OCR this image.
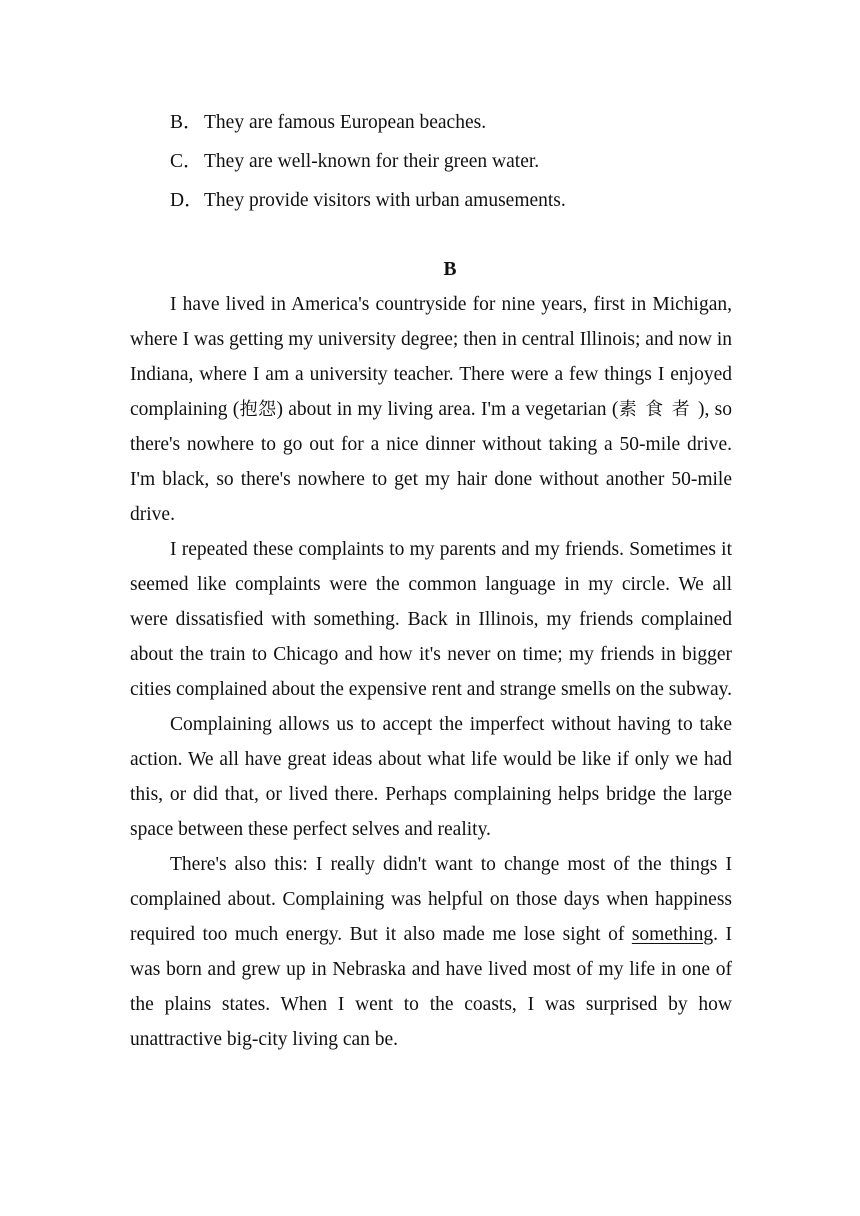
B．They are famous European beaches.
C．They are well-known for their green water.
D．They provide visitors with urban amusements.
B

I have lived in America's countryside for nine years, first in Michigan, where I was getting my university degree; then in central Illinois; and now in Indiana, where I am a university teacher. There were a few things I enjoyed complaining (抱怨) about in my living area. I'm a vegetarian (素食者), so there's nowhere to go out for a nice dinner without taking a 50-mile drive. I'm black, so there's nowhere to get my hair done without another 50-mile drive.

I repeated these complaints to my parents and my friends. Sometimes it seemed like complaints were the common language in my circle. We all were dissatisfied with something. Back in Illinois, my friends complained about the train to Chicago and how it's never on time; my friends in bigger cities complained about the expensive rent and strange smells on the subway.

Complaining allows us to accept the imperfect without having to take action. We all have great ideas about what life would be like if only we had this, or did that, or lived there. Perhaps complaining helps bridge the large space between these perfect selves and reality.

There's also this: I really didn't want to change most of the things I complained about. Complaining was helpful on those days when happiness required too much energy. But it also made me lose sight of something. I was born and grew up in Nebraska and have lived most of my life in one of the plains states. When I went to the coasts, I was surprised by how unattractive big-city living can be.
